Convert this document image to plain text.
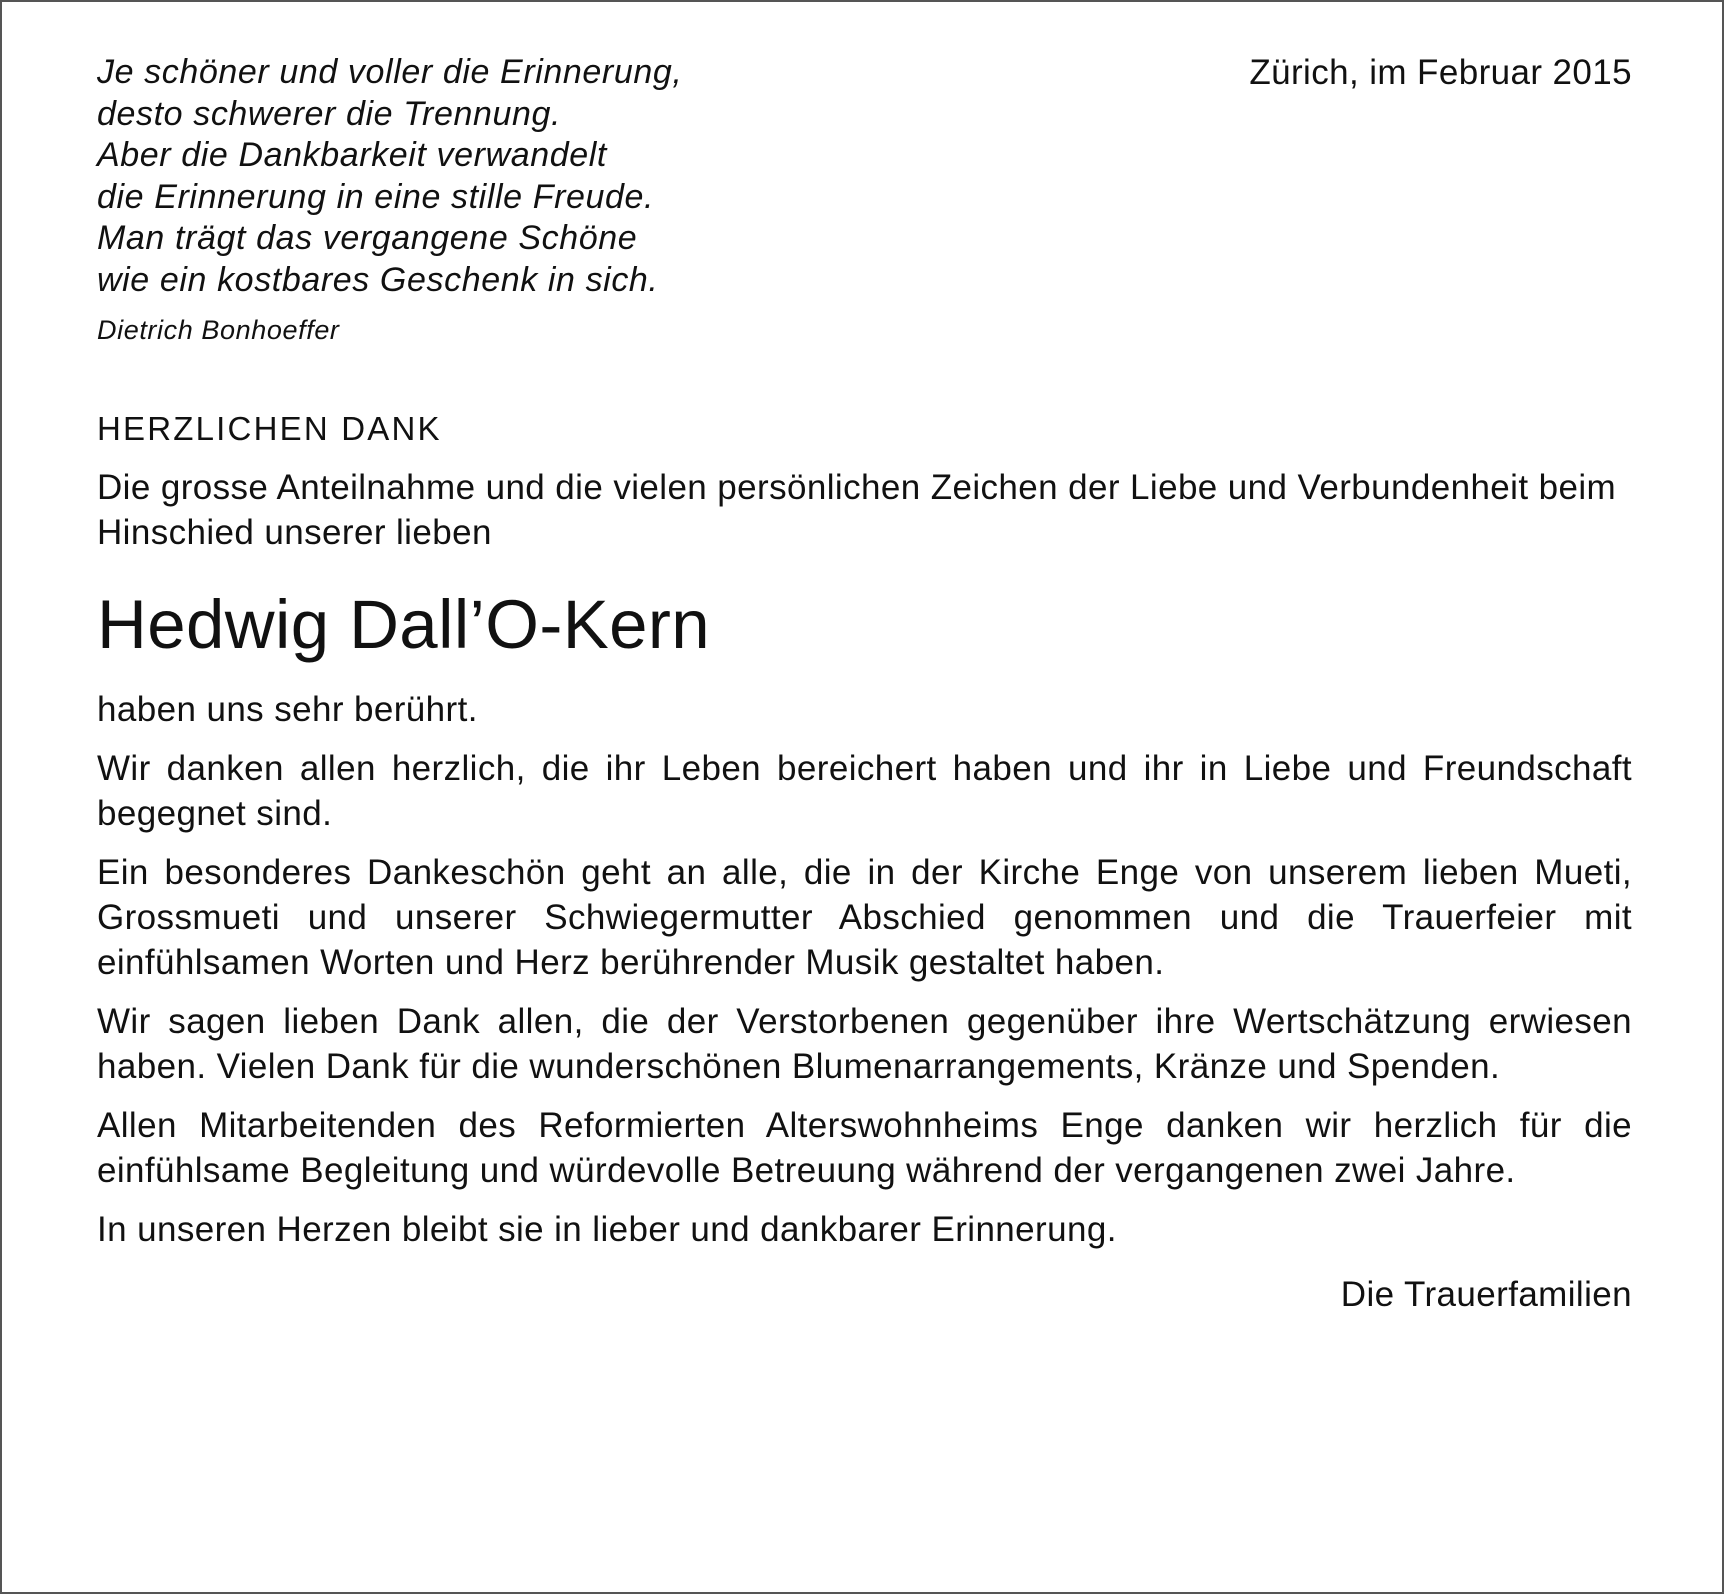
Je schöner und voller die Erinnerung,
desto schwerer die Trennung.
Aber die Dankbarkeit verwandelt
die Erinnerung in eine stille Freude.
Man trägt das vergangene Schöne
wie ein kostbares Geschenk in sich.
Dietrich Bonhoeffer
Zürich, im Februar 2015
HERZLICHEN DANK
Die grosse Anteilnahme und die vielen persönlichen Zeichen der Liebe und Verbundenheit beim Hinschied unserer lieben
Hedwig Dall’O-Kern
haben uns sehr berührt.
Wir danken allen herzlich, die ihr Leben bereichert haben und ihr in Liebe und Freundschaft begegnet sind.
Ein besonderes Dankeschön geht an alle, die in der Kirche Enge von unserem lieben Mueti, Grossmueti und unserer Schwiegermutter Abschied genommen und die Trauerfeier mit einfühlsamen Worten und Herz berührender Musik gestaltet haben.
Wir sagen lieben Dank allen, die der Verstorbenen gegenüber ihre Wertschätzung erwiesen haben. Vielen Dank für die wunderschönen Blumenarrangements, Kränze und Spenden.
Allen Mitarbeitenden des Reformierten Alterswohnheims Enge danken wir herzlich für die einfühlsame Begleitung und würdevolle Betreuung während der vergangenen zwei Jahre.
In unseren Herzen bleibt sie in lieber und dankbarer Erinnerung.
Die Trauerfamilien
